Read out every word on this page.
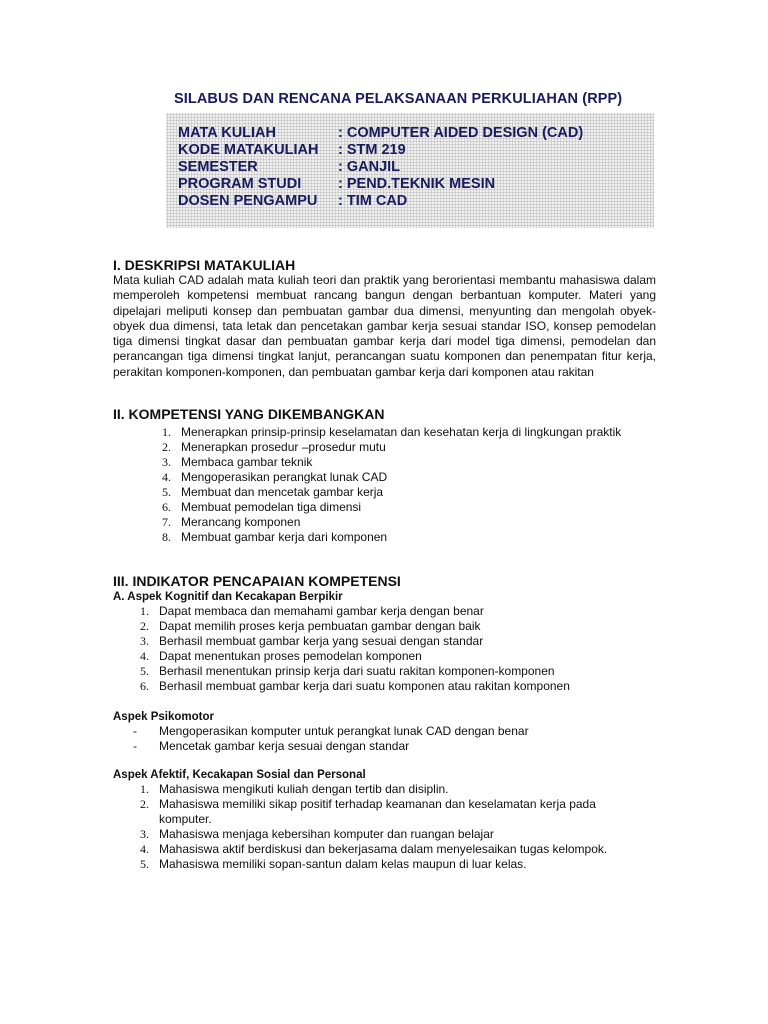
SILABUS DAN RENCANA PELAKSANAAN PERKULIAHAN (RPP)
MATA KULIAH	: COMPUTER AIDED DESIGN (CAD)
KODE MATAKULIAH : STM 219
SEMESTER	: GANJIL
PROGRAM STUDI	: PEND.TEKNIK MESIN
DOSEN PENGAMPU : TIM CAD
I. DESKRIPSI MATAKULIAH
Mata kuliah CAD adalah mata kuliah teori dan praktik yang berorientasi membantu mahasiswa dalam memperoleh kompetensi membuat rancang bangun dengan berbantuan komputer. Materi yang dipelajari meliputi konsep dan pembuatan gambar dua dimensi, menyunting dan mengolah obyek-obyek dua dimensi, tata letak dan pencetakan gambar kerja sesuai standar ISO, konsep pemodelan tiga dimensi tingkat dasar dan pembuatan gambar kerja dari model tiga dimensi, pemodelan dan perancangan tiga dimensi tingkat lanjut, perancangan suatu komponen dan penempatan fitur kerja, perakitan komponen-komponen, dan pembuatan gambar kerja dari komponen atau rakitan
II. KOMPETENSI YANG DIKEMBANGKAN
1. Menerapkan prinsip-prinsip keselamatan dan kesehatan kerja di lingkungan praktik
2. Menerapkan prosedur –prosedur mutu
3. Membaca gambar teknik
4. Mengoperasikan perangkat lunak CAD
5. Membuat dan mencetak gambar kerja
6. Membuat pemodelan tiga dimensi
7. Merancang komponen
8. Membuat gambar kerja dari komponen
III. INDIKATOR PENCAPAIAN KOMPETENSI
A. Aspek Kognitif dan Kecakapan Berpikir
1. Dapat membaca dan memahami gambar kerja dengan benar
2. Dapat memilih proses kerja pembuatan gambar dengan baik
3. Berhasil membuat gambar kerja yang sesuai dengan standar
4. Dapat menentukan proses pemodelan komponen
5. Berhasil menentukan prinsip kerja dari suatu rakitan komponen-komponen
6. Berhasil membuat gambar kerja dari suatu komponen atau rakitan komponen
Aspek Psikomotor
-	Mengoperasikan komputer untuk perangkat lunak CAD dengan benar
-	Mencetak gambar kerja sesuai dengan standar
Aspek Afektif, Kecakapan Sosial dan Personal
1. Mahasiswa mengikuti kuliah dengan tertib dan disiplin.
2. Mahasiswa memiliki sikap positif terhadap keamanan dan keselamatan kerja pada komputer.
3. Mahasiswa menjaga kebersihan komputer dan ruangan belajar
4. Mahasiswa aktif berdiskusi dan bekerjasama dalam menyelesaikan tugas kelompok.
5. Mahasiswa memiliki sopan-santun dalam kelas maupun di luar kelas.
